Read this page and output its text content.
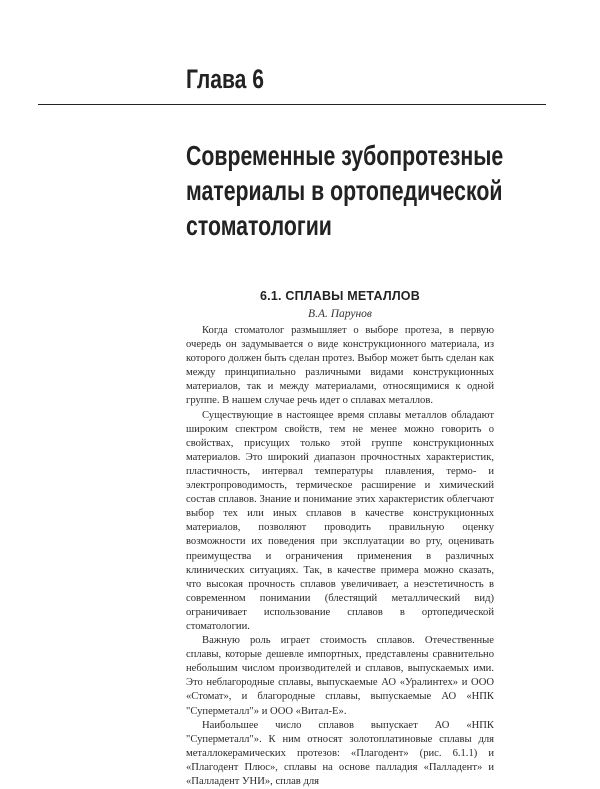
Глава 6
Современные зубопротезные
материалы в ортопедической
стоматологии
6.1. СПЛАВЫ МЕТАЛЛОВ
В.А. Парунов

Когда стоматолог размышляет о выборе протеза, в первую очередь он задумывается о виде конструкционного материала, из которого должен быть сделан протез. Выбор может быть сделан как между принципиально различными видами конструкционных материалов, так и между материалами, относящимися к одной группе. В нашем случае речь идет о сплавах металлов.

Существующие в настоящее время сплавы металлов обладают широким спектром свойств, тем не менее можно говорить о свойствах, присущих только этой группе конструкционных материалов. Это широкий диапазон прочностных характеристик, пластичность, интервал температуры плавления, термо- и электропроводимость, термическое расширение и химический состав сплавов. Знание и понимание этих характеристик облегчают выбор тех или иных сплавов в качестве конструкционных материалов, позволяют проводить правильную оценку возможности их поведения при эксплуатации во рту, оценивать преимущества и ограничения применения в различных клинических ситуациях. Так, в качестве примера можно сказать, что высокая прочность сплавов увеличивает, а неэстетичность в современном понимании (блестящий металлический вид) ограничивает использование сплавов в ортопедической стоматологии.

Важную роль играет стоимость сплавов. Отечественные сплавы, которые дешевле импортных, представлены сравнительно небольшим числом производителей и сплавов, выпускаемых ими. Это неблагородные сплавы, выпускаемые АО «Уралинтех» и ООО «Стомат», и благородные сплавы, выпускаемые АО «НПК "Суперметалл"» и ООО «Витал-Е».

Наибольшее число сплавов выпускает АО «НПК "Суперметалл"». К ним относят золотоплатиновые сплавы для металлокерамических протезов: «Плагодент» (рис. 6.1.1) и «Плагодент Плюс», сплавы на основе палладия «Палладент» и «Палладент УНИ», сплав для
